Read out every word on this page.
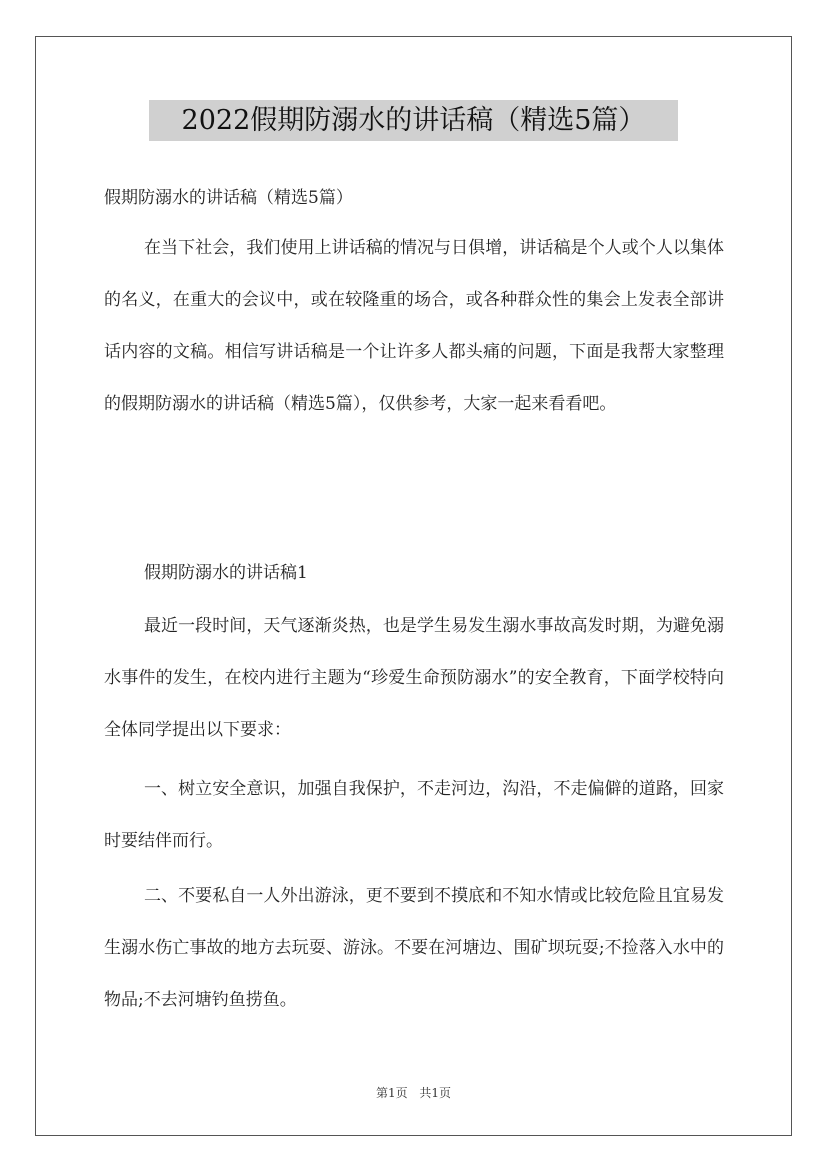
2022假期防溺水的讲话稿（精选5篇）

假期防溺水的讲话稿（精选5篇）

在当下社会，我们使用上讲话稿的情况与日俱增，讲话稿是个人或个人以集体的名义，在重大的会议中，或在较隆重的场合，或各种群众性的集会上发表全部讲话内容的文稿。相信写讲话稿是一个让许多人都头痛的问题，下面是我帮大家整理的假期防溺水的讲话稿（精选5篇），仅供参考，大家一起来看看吧。

假期防溺水的讲话稿1

最近一段时间，天气逐渐炎热，也是学生易发生溺水事故高发时期，为避免溺水事件的发生，在校内进行主题为“珍爱生命预防溺水”的安全教育，下面学校特向全体同学提出以下要求：

一、树立安全意识，加强自我保护，不走河边，沟沿，不走偏僻的道路，回家时要结伴而行。

二、不要私自一人外出游泳，更不要到不摸底和不知水情或比较危险且宜易发生溺水伤亡事故的地方去玩耍、游泳。不要在河塘边、围矿坝玩耍;不捡落入水中的物品;不去河塘钓鱼捞鱼。

第1页 共1页
